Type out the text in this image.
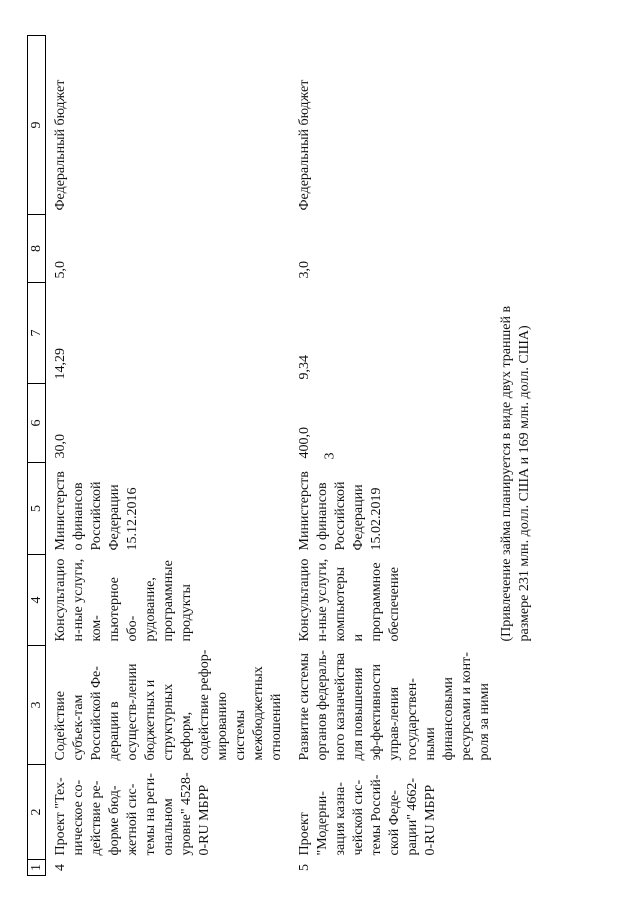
3
1	2	3	4	5	6	7	8	9
4	Проект "Тех-ническое со-действие ре-форме бюд-жетной сис-темы на реги-ональном уровне" 4528-0-RU МБРР	Содействие субъек-там Российской Фе-дерации в осуществ-лении бюджетных и структурных реформ, содействие рефор-мированию системы межбюджетных отношений	Консультацион-ные услуги, ком-пьютерное обо-рудование, программные продукты	Министерство финансов Российской Федерации 15.12.2016	30,0	14,29	5,0	Федеральный бюджет
5	Проект "Модерни-зация казна-чейской сис-темы Россий-ской Феде-рации" 4662-0-RU МБРР	Развитие системы органов федераль-ного казначейства для повышения эф-фективности управ-ления государствен-ными финансовыми ресурсами и конт-роля за ними	Консультацион-ные услуги, компьютеры и программное обеспечение	Министерство финансов Российской Федерации 15.02.2019	400,0	9,34	3,0	Федеральный бюджет
			(Привлечение займа планируется в виде двух траншей в размере 231 млн. долл. США и 169 млн. долл. США)					
